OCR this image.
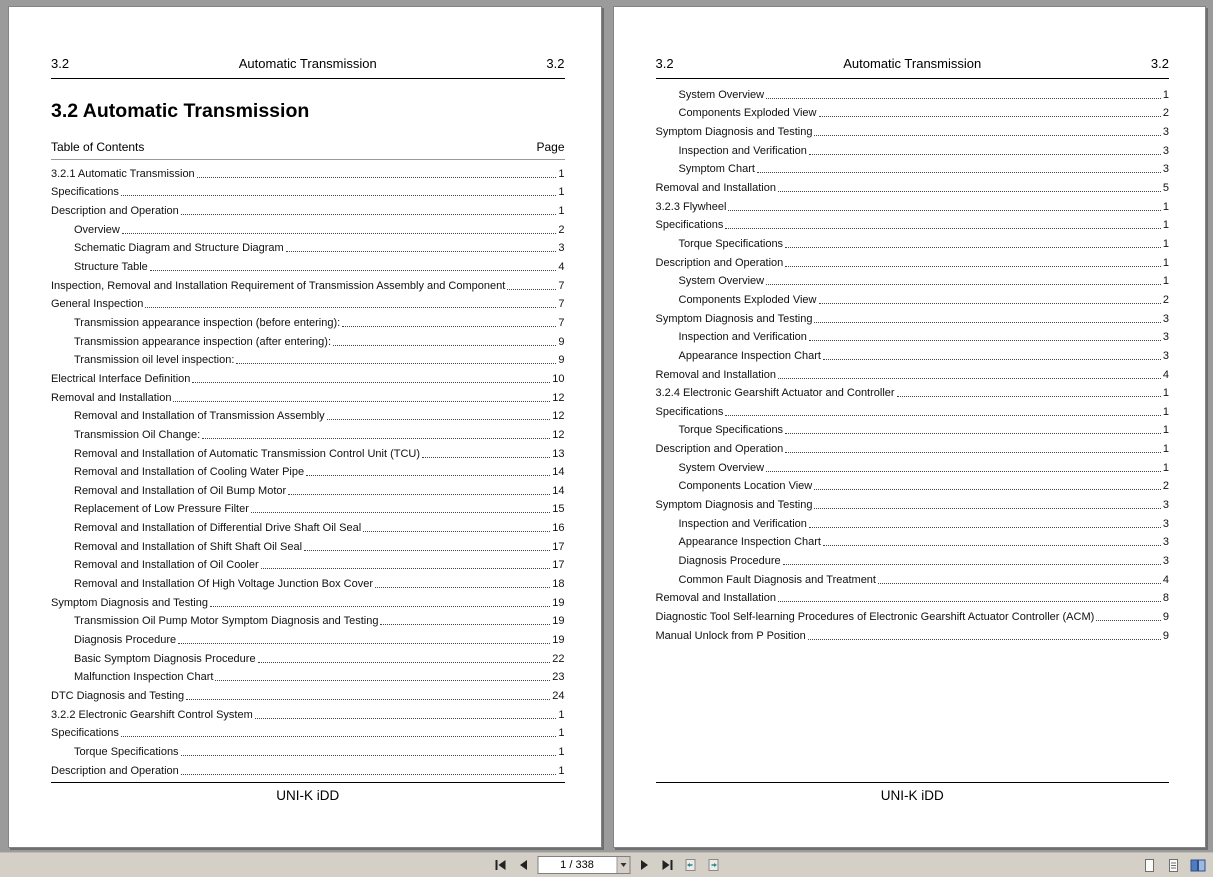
3.2	Automatic Transmission	3.2
3.2 Automatic Transmission
Table of Contents	Page
3.2.1 Automatic Transmission	1
Specifications	1
Description and Operation	1
Overview	2
Schematic Diagram and Structure Diagram	3
Structure Table	4
Inspection, Removal and Installation Requirement of Transmission Assembly and Component	7
General Inspection	7
Transmission appearance inspection (before entering):	7
Transmission appearance inspection (after entering):	9
Transmission oil level inspection:	9
Electrical Interface Definition	10
Removal and Installation	12
Removal and Installation of Transmission Assembly	12
Transmission Oil Change:	12
Removal and Installation of Automatic Transmission Control Unit (TCU)	13
Removal and Installation of Cooling Water Pipe	14
Removal and Installation of Oil Bump Motor	14
Replacement of Low Pressure Filter	15
Removal and Installation of Differential Drive Shaft Oil Seal	16
Removal and Installation of Shift Shaft Oil Seal	17
Removal and Installation of Oil Cooler	17
Removal and Installation Of High Voltage Junction Box Cover	18
Symptom Diagnosis and Testing	19
Transmission Oil Pump Motor Symptom Diagnosis and Testing	19
Diagnosis Procedure	19
Basic Symptom Diagnosis Procedure	22
Malfunction Inspection Chart	23
DTC Diagnosis and Testing	24
3.2.2 Electronic Gearshift Control System	1
Specifications	1
Torque Specifications	1
Description and Operation	1
UNI-K iDD
3.2	Automatic Transmission	3.2
System Overview	1
Components Exploded View	2
Symptom Diagnosis and Testing	3
Inspection and Verification	3
Symptom Chart	3
Removal and Installation	5
3.2.3 Flywheel	1
Specifications	1
Torque Specifications	1
Description and Operation	1
System Overview	1
Components Exploded View	2
Symptom Diagnosis and Testing	3
Inspection and Verification	3
Appearance Inspection Chart	3
Removal and Installation	4
3.2.4 Electronic Gearshift Actuator and Controller	1
Specifications	1
Torque Specifications	1
Description and Operation	1
System Overview	1
Components Location View	2
Symptom Diagnosis and Testing	3
Inspection and Verification	3
Appearance Inspection Chart	3
Diagnosis Procedure	3
Common Fault Diagnosis and Treatment	4
Removal and Installation	8
Diagnostic Tool Self-learning Procedures of Electronic Gearshift Actuator Controller (ACM)	9
Manual Unlock from P Position	9
UNI-K iDD
1 / 338
